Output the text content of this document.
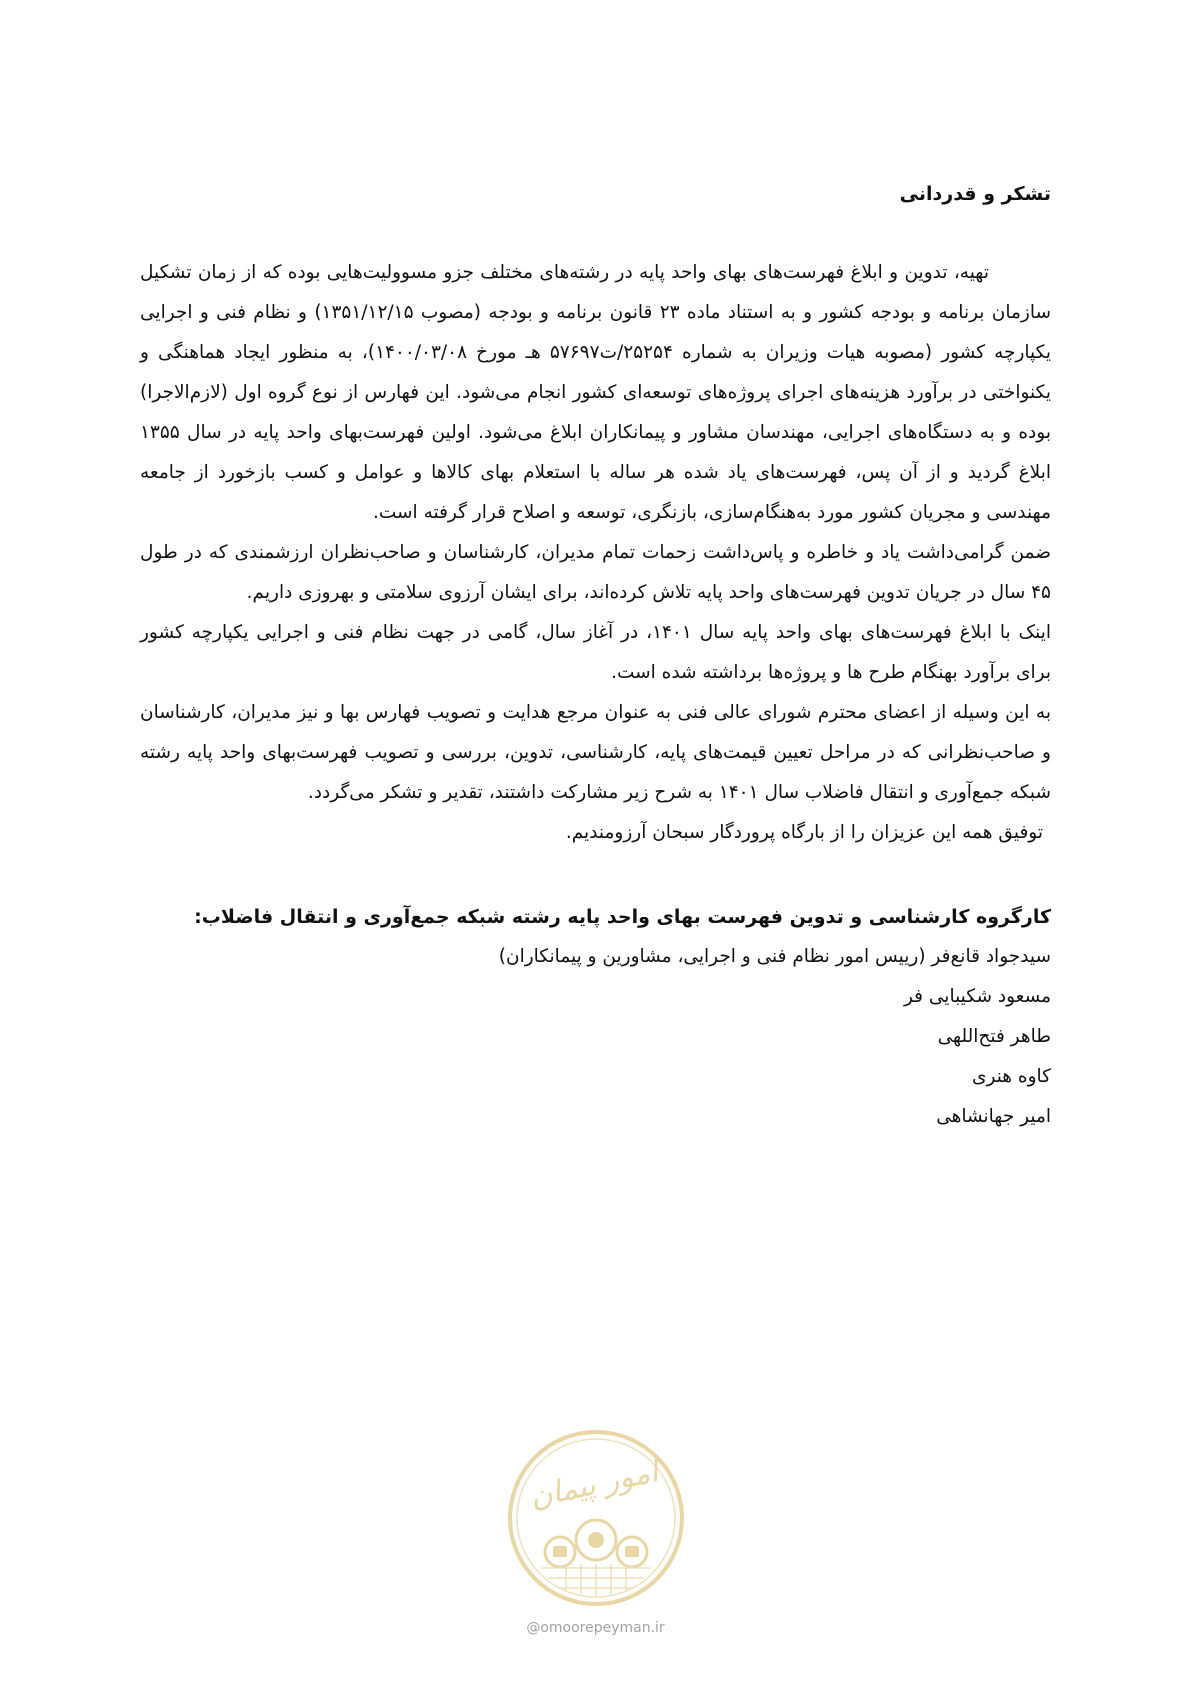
تشکر و قدردانی

تهیه، تدوین و ابلاغ فهرست‌های بهای واحد پایه در رشته‌های مختلف جزو مسوولیت‌هایی بوده که از زمان تشکیل سازمان برنامه و بودجه کشور و به استناد ماده ۲۳ قانون برنامه و بودجه (مصوب ۱۳۵۱/۱۲/۱۵) و نظام فنی و اجرایی یکپارچه کشور (مصوبه هیات وزیران به شماره ۲۵۲۵۴/ت۵۷۶۹۷ هـ مورخ ۱۴۰۰/۰۳/۰۸)، به منظور ایجاد هماهنگی و یکنواختی در برآورد هزینه‌های اجرای پروژه‌های توسعه‌ای کشور انجام می‌شود. این فهارس از نوع گروه اول (لازم‌الاجرا) بوده و به دستگاه‌های اجرایی، مهندسان مشاور و پیمانکاران ابلاغ می‌شود. اولین فهرست‌بهای واحد پایه در سال ۱۳۵۵ ابلاغ گردید و از آن پس، فهرست‌های یاد شده هر ساله با استعلام بهای کالاها و عوامل و کسب بازخورد از جامعه مهندسی و مجریان کشور مورد به‌هنگام‌سازی، بازنگری، توسعه و اصلاح قرار گرفته است.

ضمن گرامی‌داشت یاد و خاطره و پاس‌داشت زحمات تمام مدیران، کارشناسان و صاحب‌نظران ارزشمندی که در طول ۴۵ سال در جریان تدوین فهرست‌های واحد پایه تلاش کرده‌اند، برای ایشان آرزوی سلامتی و بهروزی داریم.

اینک با ابلاغ فهرست‌های بهای واحد پایه سال ۱۴۰۱، در آغاز سال، گامی در جهت نظام فنی و اجرایی یکپارچه کشور برای برآورد بهنگام طرح ها و پروژه‌ها برداشته شده است.

به این وسیله از اعضای محترم شورای عالی فنی به عنوان مرجع هدایت و تصویب فهارس بها و نیز مدیران، کارشناسان و صاحب‌نظرانی که در مراحل تعیین قیمت‌های پایه، کارشناسی، تدوین، بررسی و تصویب فهرست‌بهای واحد پایه رشته شبکه جمع‌آوری و انتقال فاضلاب سال ۱۴۰۱ به شرح زیر مشارکت داشتند، تقدیر و تشکر می‌گردد.

توفیق همه این عزیزان را از بارگاه پروردگار سبحان آرزومندیم.

کارگروه کارشناسی و تدوین فهرست بهای واحد پایه رشته شبکه جمع‌آوری و انتقال فاضلاب:
سیدجواد قانع‌فر (رییس امور نظام فنی و اجرایی، مشاورین و پیمانکاران)
مسعود شکیبایی فر
طاهر فتح‌اللهی
کاوه هنری
امیر جهانشاهی
امور پیمان
@omoorepeyman.ir
